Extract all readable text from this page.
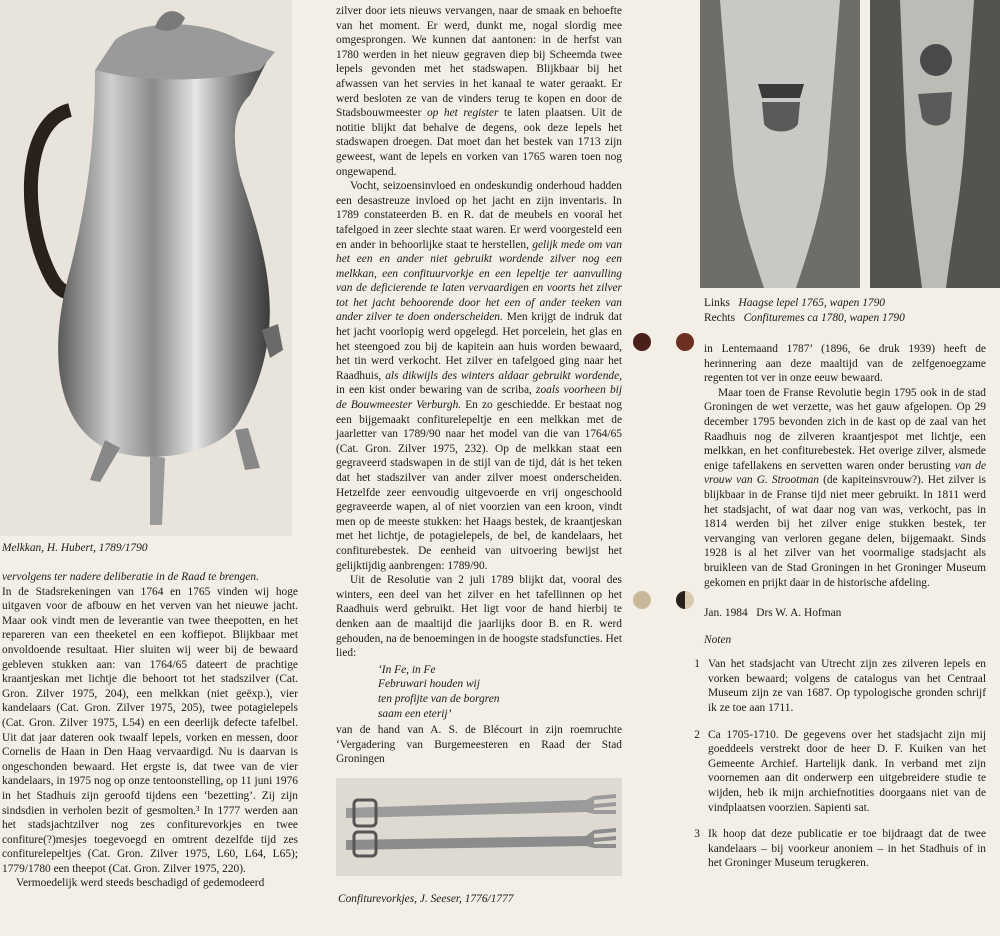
Melkkan, H. Hubert, 1789/1790

vervolgens ter nadere deliberatie in de Raad te brengen.

In de Stadsrekeningen van 1764 en 1765 vinden wij hoge uitgaven voor de afbouw en het verven van het nieuwe jacht. Maar ook vindt men de leverantie van twee theepotten, en het repareren van een theeketel en een koffiepot. Blijkbaar met onvoldoende resultaat. Hier sluiten wij weer bij de bewaard gebleven stukken aan: van 1764/65 dateert de prachtige kraantjeskan met lichtje die behoort tot het stadszilver (Cat. Gron. Zilver 1975, 204), een melkkan (niet geëxp.), vier kandelaars (Cat. Gron. Zilver 1975, 205), twee potagielepels (Cat. Gron. Zilver 1975, L54) en een deerlijk defecte tafelbel. Uit dat jaar dateren ook twaalf lepels, vorken en messen, door Cornelis de Haan in Den Haag vervaardigd. Nu is daarvan is ongeschonden bewaard. Het ergste is, dat twee van de vier kandelaars, in 1975 nog op onze tentoonstelling, op 11 juni 1976 in het Stadhuis zijn geroofd tijdens een ‘bezetting’. Zij zijn sindsdien in verholen bezit of gesmolten.³ In 1777 werden aan het stadsjachtzilver nog zes confiturevorkjes en twee confiture(?)mesjes toegevoegd en omtrent dezelfde tijd zes confiturelepeltjes (Cat. Gron. Zilver 1975, L60, L64, L65); 1779/1780 een theepot (Cat. Gron. Zilver 1975, 220).

Vermoedelijk werd steeds beschadigd of gedemodeerd

zilver door iets nieuws vervangen, naar de smaak en behoefte van het moment. Er werd, dunkt me, nogal slordig mee omgesprongen. We kunnen dat aantonen: in de herfst van 1780 werden in het nieuw gegraven diep bij Scheemda twee lepels gevonden met het stadswapen. Blijkbaar bij het afwassen van het servies in het kanaal te water geraakt. Er werd besloten ze van de vinders terug te kopen en door de Stadsbouwmeester op het register te laten plaatsen. Uit de notitie blijkt dat behalve de degens, ook deze lepels het stadswapen droegen. Dat moet dan het bestek van 1713 zijn geweest, want de lepels en vorken van 1765 waren toen nog ongewapend.

Vocht, seizoensinvloed en ondeskundig onderhoud hadden een desastreuze invloed op het jacht en zijn inventaris. In 1789 constateerden B. en R. dat de meubels en vooral het tafelgoed in zeer slechte staat waren. Er werd voorgesteld een en ander in behoorlijke staat te herstellen, gelijk mede om van het een en ander niet gebruikt wordende zilver nog een melkkan, een confituurvorkje en een lepeltje ter aanvulling van de deficierende te laten vervaardigen en voorts het zilver tot het jacht behoorende door het een of ander teeken van ander zilver te doen onderscheiden. Men krijgt de indruk dat het jacht voorlopig werd opgelegd. Het porcelein, het glas en het steengoed zou bij de kapitein aan huis worden bewaard, het tin werd verkocht. Het zilver en tafelgoed ging naar het Raadhuis, als dikwijls des winters aldaar gebruikt wordende, in een kist onder bewaring van de scriba, zoals voorheen bij de Bouwmeester Verburgh. En zo geschiedde. Er bestaat nog een bijgemaakt confiturelepeltje en een melkkan met de jaarletter van 1789/90 naar het model van die van 1764/65 (Cat. Gron. Zilver 1975, 232). Op de melkkan staat een gegraveerd stadswapen in de stijl van de tijd, dát is het teken dat het stadszilver van ander zilver moest onderscheiden. Hetzelfde zeer eenvoudig uitgevoerde en vrij ongeschoold gegraveerde wapen, al of niet voorzien van een kroon, vindt men op de meeste stukken: het Haags bestek, de kraantjeskan met het lichtje, de potagielepels, de bel, de kandelaars, het confiturebestek. De eenheid van uitvoering bewijst het gelijktijdig aanbrengen: 1789/90.

Uit de Resolutie van 2 juli 1789 blijkt dat, vooral des winters, een deel van het zilver en het tafellinnen op het Raadhuis werd gebruikt. Het ligt voor de hand hierbij te denken aan de maaltijd die jaarlijks door B. en R. werd gehouden, na de benoemingen in de hoogste stadsfuncties. Het lied:

‘In Fe, in Fe
Februwari houden wij
ten profijte van de borgren
saam een eterij’

van de hand van A. S. de Blécourt in zijn roemruchte ‘Vergadering van Burgemeesteren en Raad der Stad Groningen

Confiturevorkjes, J. Seeser, 1776/1777
Links Haagse lepel 1765, wapen 1790
Rechts Confituremes ca 1780, wapen 1790

in Lentemaand 1787’ (1896, 6e druk 1939) heeft de herinnering aan deze maaltijd van de zelfgenoegzame regenten tot ver in onze eeuw bewaard.

Maar toen de Franse Revolutie begin 1795 ook in de stad Groningen de wet verzette, was het gauw afgelopen. Op 29 december 1795 bevonden zich in de kast op de zaal van het Raadhuis nog de zilveren kraantjespot met lichtje, een melkkan, en het confiturebestek. Het overige zilver, alsmede enige tafellakens en servetten waren onder berusting van de vrouw van G. Strootman (de kapiteinsvrouw?). Het zilver is blijkbaar in de Franse tijd niet meer gebruikt. In 1811 werd het stadsjacht, of wat daar nog van was, verkocht, pas in 1814 werden bij het zilver enige stukken bestek, ter vervanging van verloren gegane delen, bijgemaakt. Sinds 1928 is al het zilver van het voormalige stadsjacht als bruikleen van de Stad Groningen in het Groninger Museum gekomen en prijkt daar in de historische afdeling.

Jan. 1984 Drs W. A. Hofman

Noten

1 Van het stadsjacht van Utrecht zijn zes zilveren lepels en vorken bewaard; volgens de catalogus van het Centraal Museum zijn ze van 1687. Op typologische gronden schrijf ik ze toe aan 1711.
2 Ca 1705-1710. De gegevens over het stadsjacht zijn mij goeddeels verstrekt door de heer D. F. Kuiken van het Gemeente Archief. Hartelijk dank. In verband met zijn voornemen aan dit onderwerp een uitgebreidere studie te wijden, heb ik mijn archiefnotities doorgaans niet van de vindplaatsen voorzien. Sapienti sat.
3 Ik hoop dat deze publicatie er toe bijdraagt dat de twee kandelaars – bij voorkeur anoniem – in het Stadhuis of in het Groninger Museum terugkeren.
